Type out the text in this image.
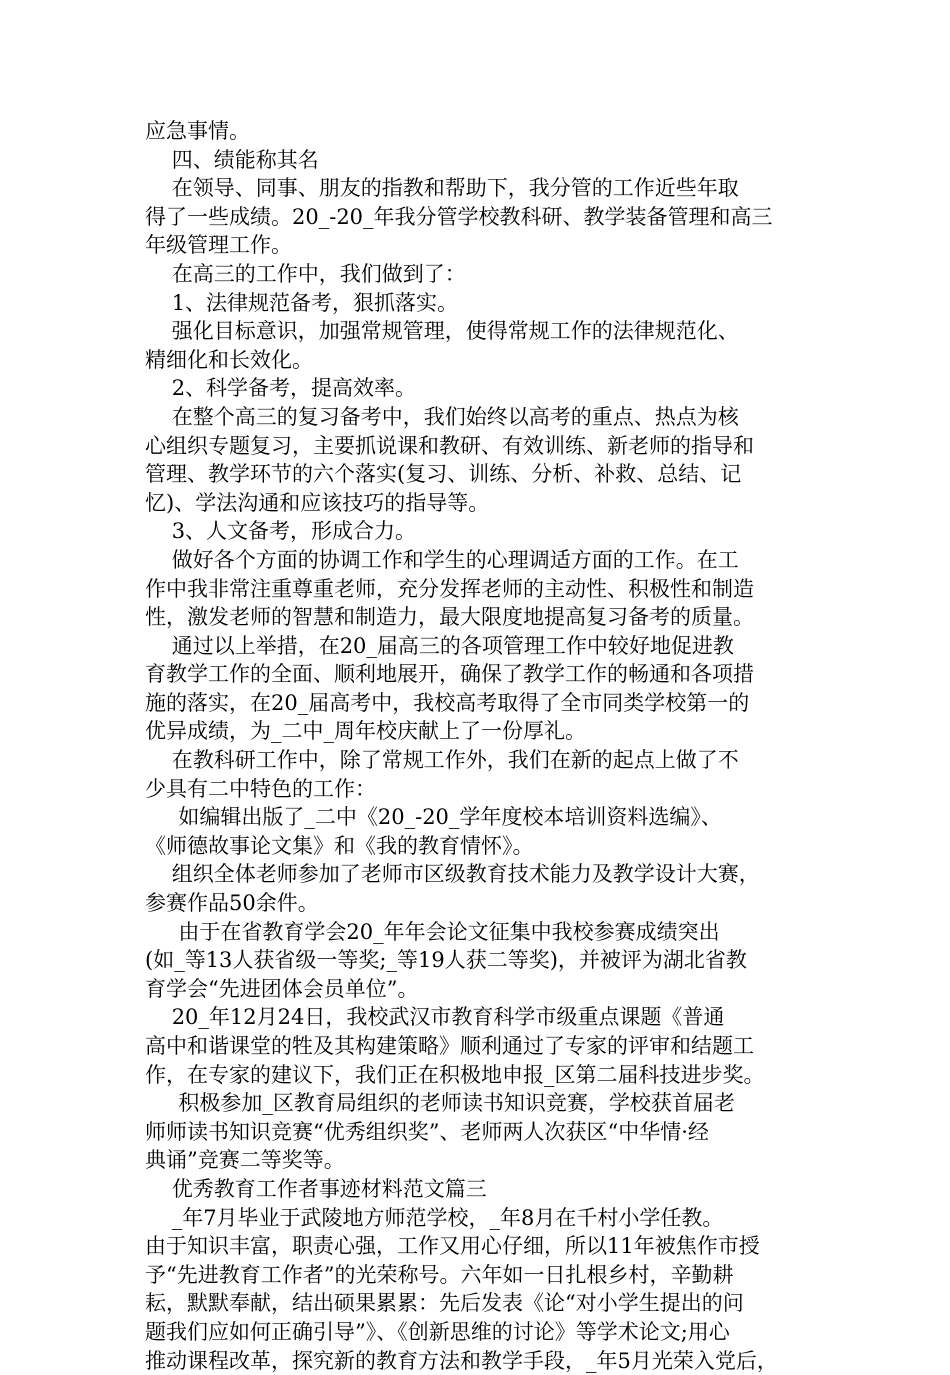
应急事情。
四、绩能称其名
在领导、同事、朋友的指教和帮助下，我分管的工作近些年取
得了一些成绩。20_-20_年我分管学校教科研、教学装备管理和高三
年级管理工作。
在高三的工作中，我们做到了：
1、法律规范备考，狠抓落实。
强化目标意识，加强常规管理，使得常规工作的法律规范化、
精细化和长效化。
2、科学备考，提高效率。
在整个高三的复习备考中，我们始终以高考的重点、热点为核
心组织专题复习，主要抓说课和教研、有效训练、新老师的指导和
管理、教学环节的六个落实(复习、训练、分析、补救、总结、记
忆)、学法沟通和应该技巧的指导等。
3、人文备考，形成合力。
做好各个方面的协调工作和学生的心理调适方面的工作。在工
作中我非常注重尊重老师，充分发挥老师的主动性、积极性和制造
性，激发老师的智慧和制造力，最大限度地提高复习备考的质量。
通过以上举措，在20_届高三的各项管理工作中较好地促进教
育教学工作的全面、顺利地展开，确保了教学工作的畅通和各项措
施的落实，在20_届高考中，我校高考取得了全市同类学校第一的
优异成绩，为_二中_周年校庆献上了一份厚礼。
在教科研工作中，除了常规工作外，我们在新的起点上做了不
少具有二中特色的工作：
如编辑出版了_二中《20_-20_学年度校本培训资料选编》、
《师德故事论文集》和《我的教育情怀》。
组织全体老师参加了老师市区级教育技术能力及教学设计大赛，
参赛作品50余件。
由于在省教育学会20_年年会论文征集中我校参赛成绩突出
(如_等13人获省级一等奖;_等19人获二等奖)，并被评为湖北省教
育学会“先进团体会员单位”。
20_年12月24日，我校武汉市教育科学市级重点课题《普通
高中和谐课堂的牲及其构建策略》顺利通过了专家的评审和结题工
作，在专家的建议下，我们正在积极地申报_区第二届科技进步奖。
积极参加_区教育局组织的老师读书知识竞赛，学校获首届老
师师读书知识竞赛“优秀组织奖”、老师两人次获区“中华情·经
典诵”竞赛二等奖等。
优秀教育工作者事迹材料范文篇三
_年7月毕业于武陵地方师范学校，_年8月在千村小学任教。
由于知识丰富，职责心强，工作又用心仔细，所以11年被焦作市授
予“先进教育工作者”的光荣称号。六年如一日扎根乡村，辛勤耕
耘，默默奉献，结出硕果累累：先后发表《论“对小学生提出的问
题我们应如何正确引导”》、《创新思维的讨论》等学术论文;用心
推动课程改革，探究新的教育方法和教学手段，_年5月光荣入党后，
